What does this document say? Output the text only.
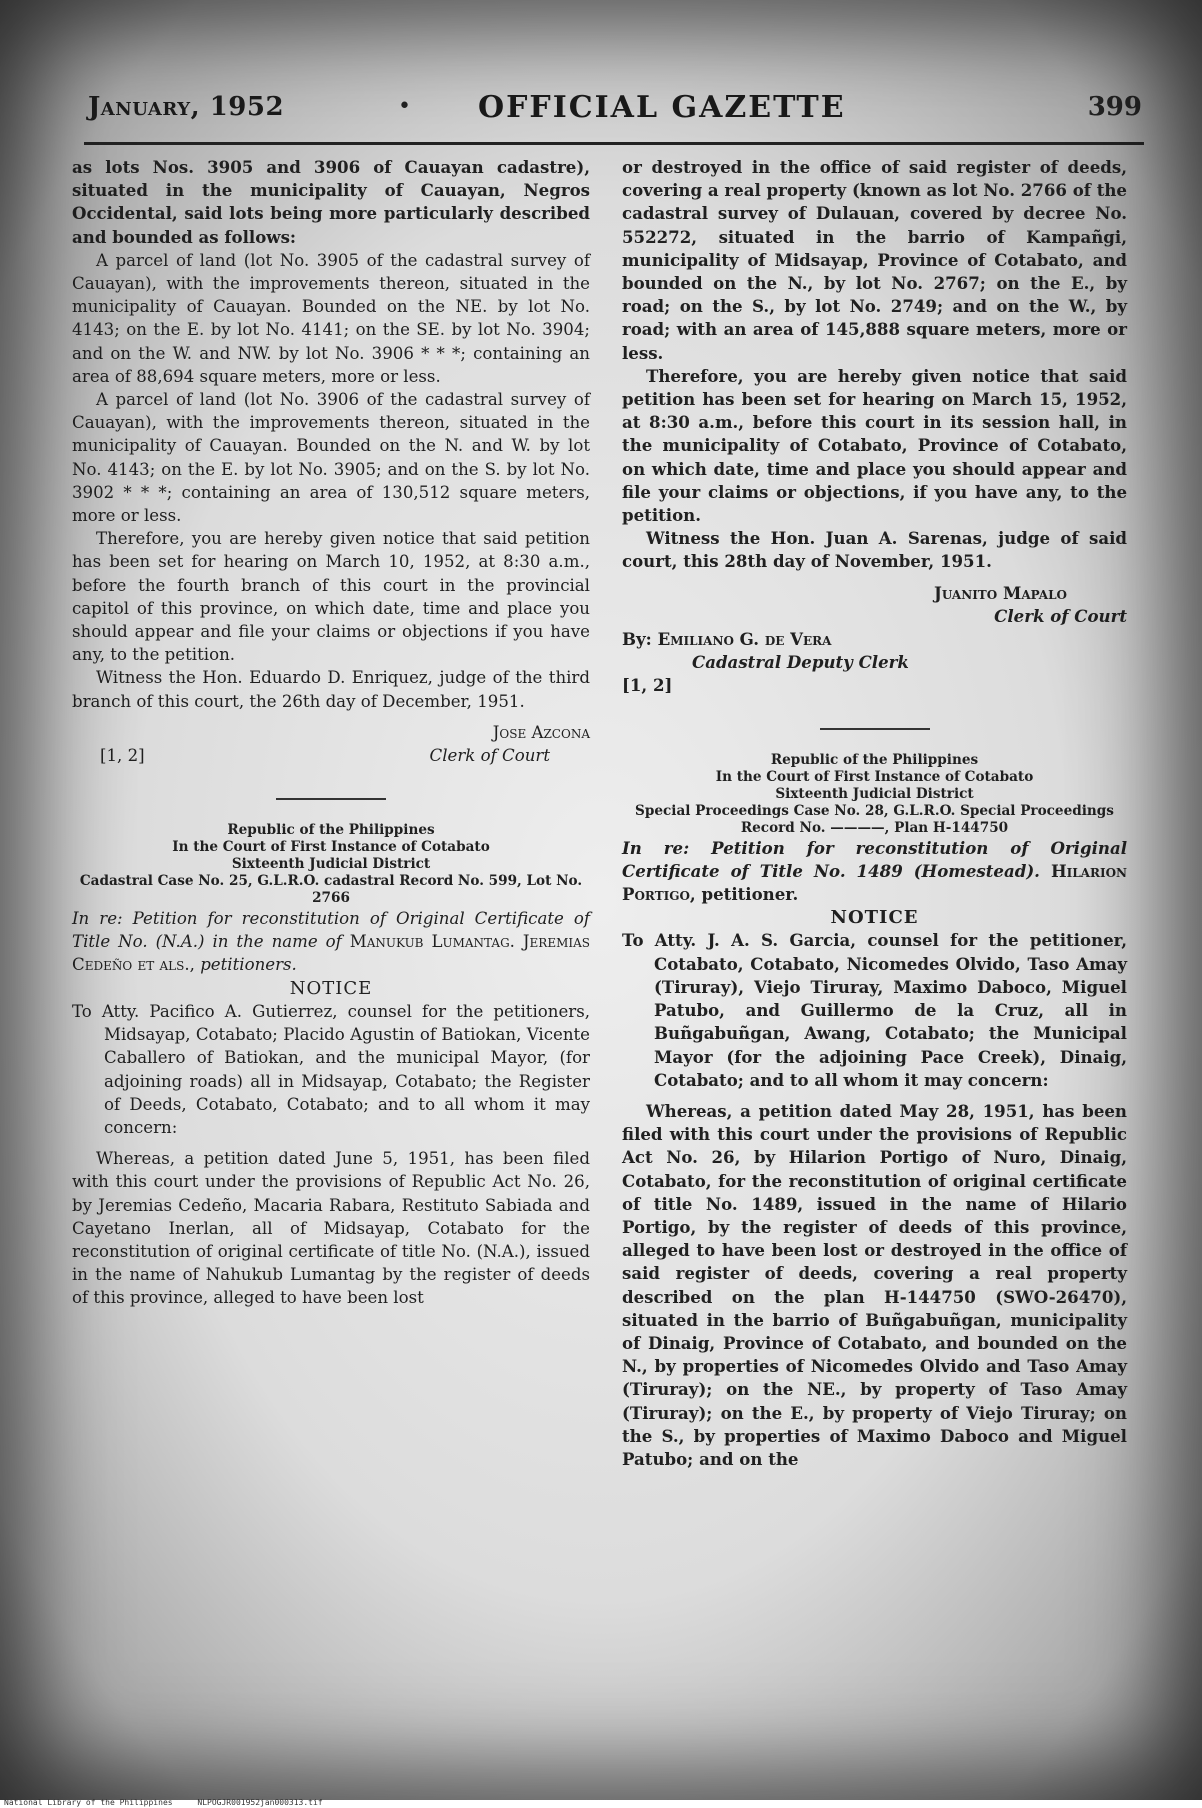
January, 1952	• OFFICIAL GAZETTE	399

as lots Nos. 3905 and 3906 of Cauayan cadastre), situated in the municipality of Cauayan, Negros Occidental, said lots being more particularly described and bounded as follows:

A parcel of land (lot No. 3905 of the cadastral survey of Cauayan), with the improvements thereon, situated in the municipality of Cauayan. Bounded on the NE. by lot No. 4143; on the E. by lot No. 4141; on the SE. by lot No. 3904; and on the W. and NW. by lot No. 3906 * * *; containing an area of 88,694 square meters, more or less.

A parcel of land (lot No. 3906 of the cadastral survey of Cauayan), with the improvements thereon, situated in the municipality of Cauayan. Bounded on the N. and W. by lot No. 4143; on the E. by lot No. 3905; and on the S. by lot No. 3902 * * *; containing an area of 130,512 square meters, more or less.

Therefore, you are hereby given notice that said petition has been set for hearing on March 10, 1952, at 8:30 a.m., before the fourth branch of this court in the provincial capitol of this province, on which date, time and place you should appear and file your claims or objections if you have any, to the petition.

Witness the Hon. Eduardo D. Enriquez, judge of the third branch of this court, the 26th day of December, 1951.

Jose Azcona

[1, 2]	Clerk of Court

Republic of the Philippines

In the Court of First Instance of Cotabato

Sixteenth Judicial District

Cadastral Case No. 25, G.L.R.O. cadastral Record No. 599, Lot No. 2766

In re: Petition for reconstitution of Original Certificate of Title No. (N.A.) in the name of Manukub Lumantag. Jeremias Cedeño et als., petitioners.

NOTICE

To Atty. Pacifico A. Gutierrez, counsel for the petitioners, Midsayap, Cotabato; Placido Agustin of Batiokan, Vicente Caballero of Batiokan, and the municipal Mayor, (for adjoining roads) all in Midsayap, Cotabato; the Register of Deeds, Cotabato, Cotabato; and to all whom it may concern:

Whereas, a petition dated June 5, 1951, has been filed with this court under the provisions of Republic Act No. 26, by Jeremias Cedeño, Macaria Rabara, Restituto Sabiada and Cayetano Inerlan, all of Midsayap, Cotabato for the reconstitution of original certificate of title No. (N.A.), issued in the name of Nahukub Lumantag by the register of deeds of this province, alleged to have been lost

or destroyed in the office of said register of deeds, covering a real property (known as lot No. 2766 of the cadastral survey of Dulauan, covered by decree No. 552272, situated in the barrio of Kampañgi, municipality of Midsayap, Province of Cotabato, and bounded on the N., by lot No. 2767; on the E., by road; on the S., by lot No. 2749; and on the W., by road; with an area of 145,888 square meters, more or less.

Therefore, you are hereby given notice that said petition has been set for hearing on March 15, 1952, at 8:30 a.m., before this court in its session hall, in the municipality of Cotabato, Province of Cotabato, on which date, time and place you should appear and file your claims or objections, if you have any, to the petition.

Witness the Hon. Juan A. Sarenas, judge of said court, this 28th day of November, 1951.

Juanito Mapalo

Clerk of Court

By: Emiliano G. de Vera

Cadastral Deputy Clerk

[1, 2]

Republic of the Philippines

In the Court of First Instance of Cotabato

Sixteenth Judicial District

Special Proceedings Case No. 28, G.L.R.O. Special Proceedings Record No. ————, Plan H-144750

In re: Petition for reconstitution of Original Certificate of Title No. 1489 (Homestead). Hilarion Portigo, petitioner.

NOTICE

To Atty. J. A. S. Garcia, counsel for the petitioner, Cotabato, Cotabato, Nicomedes Olvido, Taso Amay (Tiruray), Viejo Tiruray, Maximo Daboco, Miguel Patubo, and Guillermo de la Cruz, all in Buñgabuñgan, Awang, Cotabato; the Municipal Mayor (for the adjoining Pace Creek), Dinaig, Cotabato; and to all whom it may concern:

Whereas, a petition dated May 28, 1951, has been filed with this court under the provisions of Republic Act No. 26, by Hilarion Portigo of Nuro, Dinaig, Cotabato, for the reconstitution of original certificate of title No. 1489, issued in the name of Hilario Portigo, by the register of deeds of this province, alleged to have been lost or destroyed in the office of said register of deeds, covering a real property described on the plan H-144750 (SWO-26470), situated in the barrio of Buñgabuñgan, municipality of Dinaig, Province of Cotabato, and bounded on the N., by properties of Nicomedes Olvido and Taso Amay (Tiruray); on the NE., by property of Taso Amay (Tiruray); on the E., by property of Viejo Tiruray; on the S., by properties of Maximo Daboco and Miguel Patubo; and on the

National Library of the Philippines	NLPOGJR001952jan000313.tif
